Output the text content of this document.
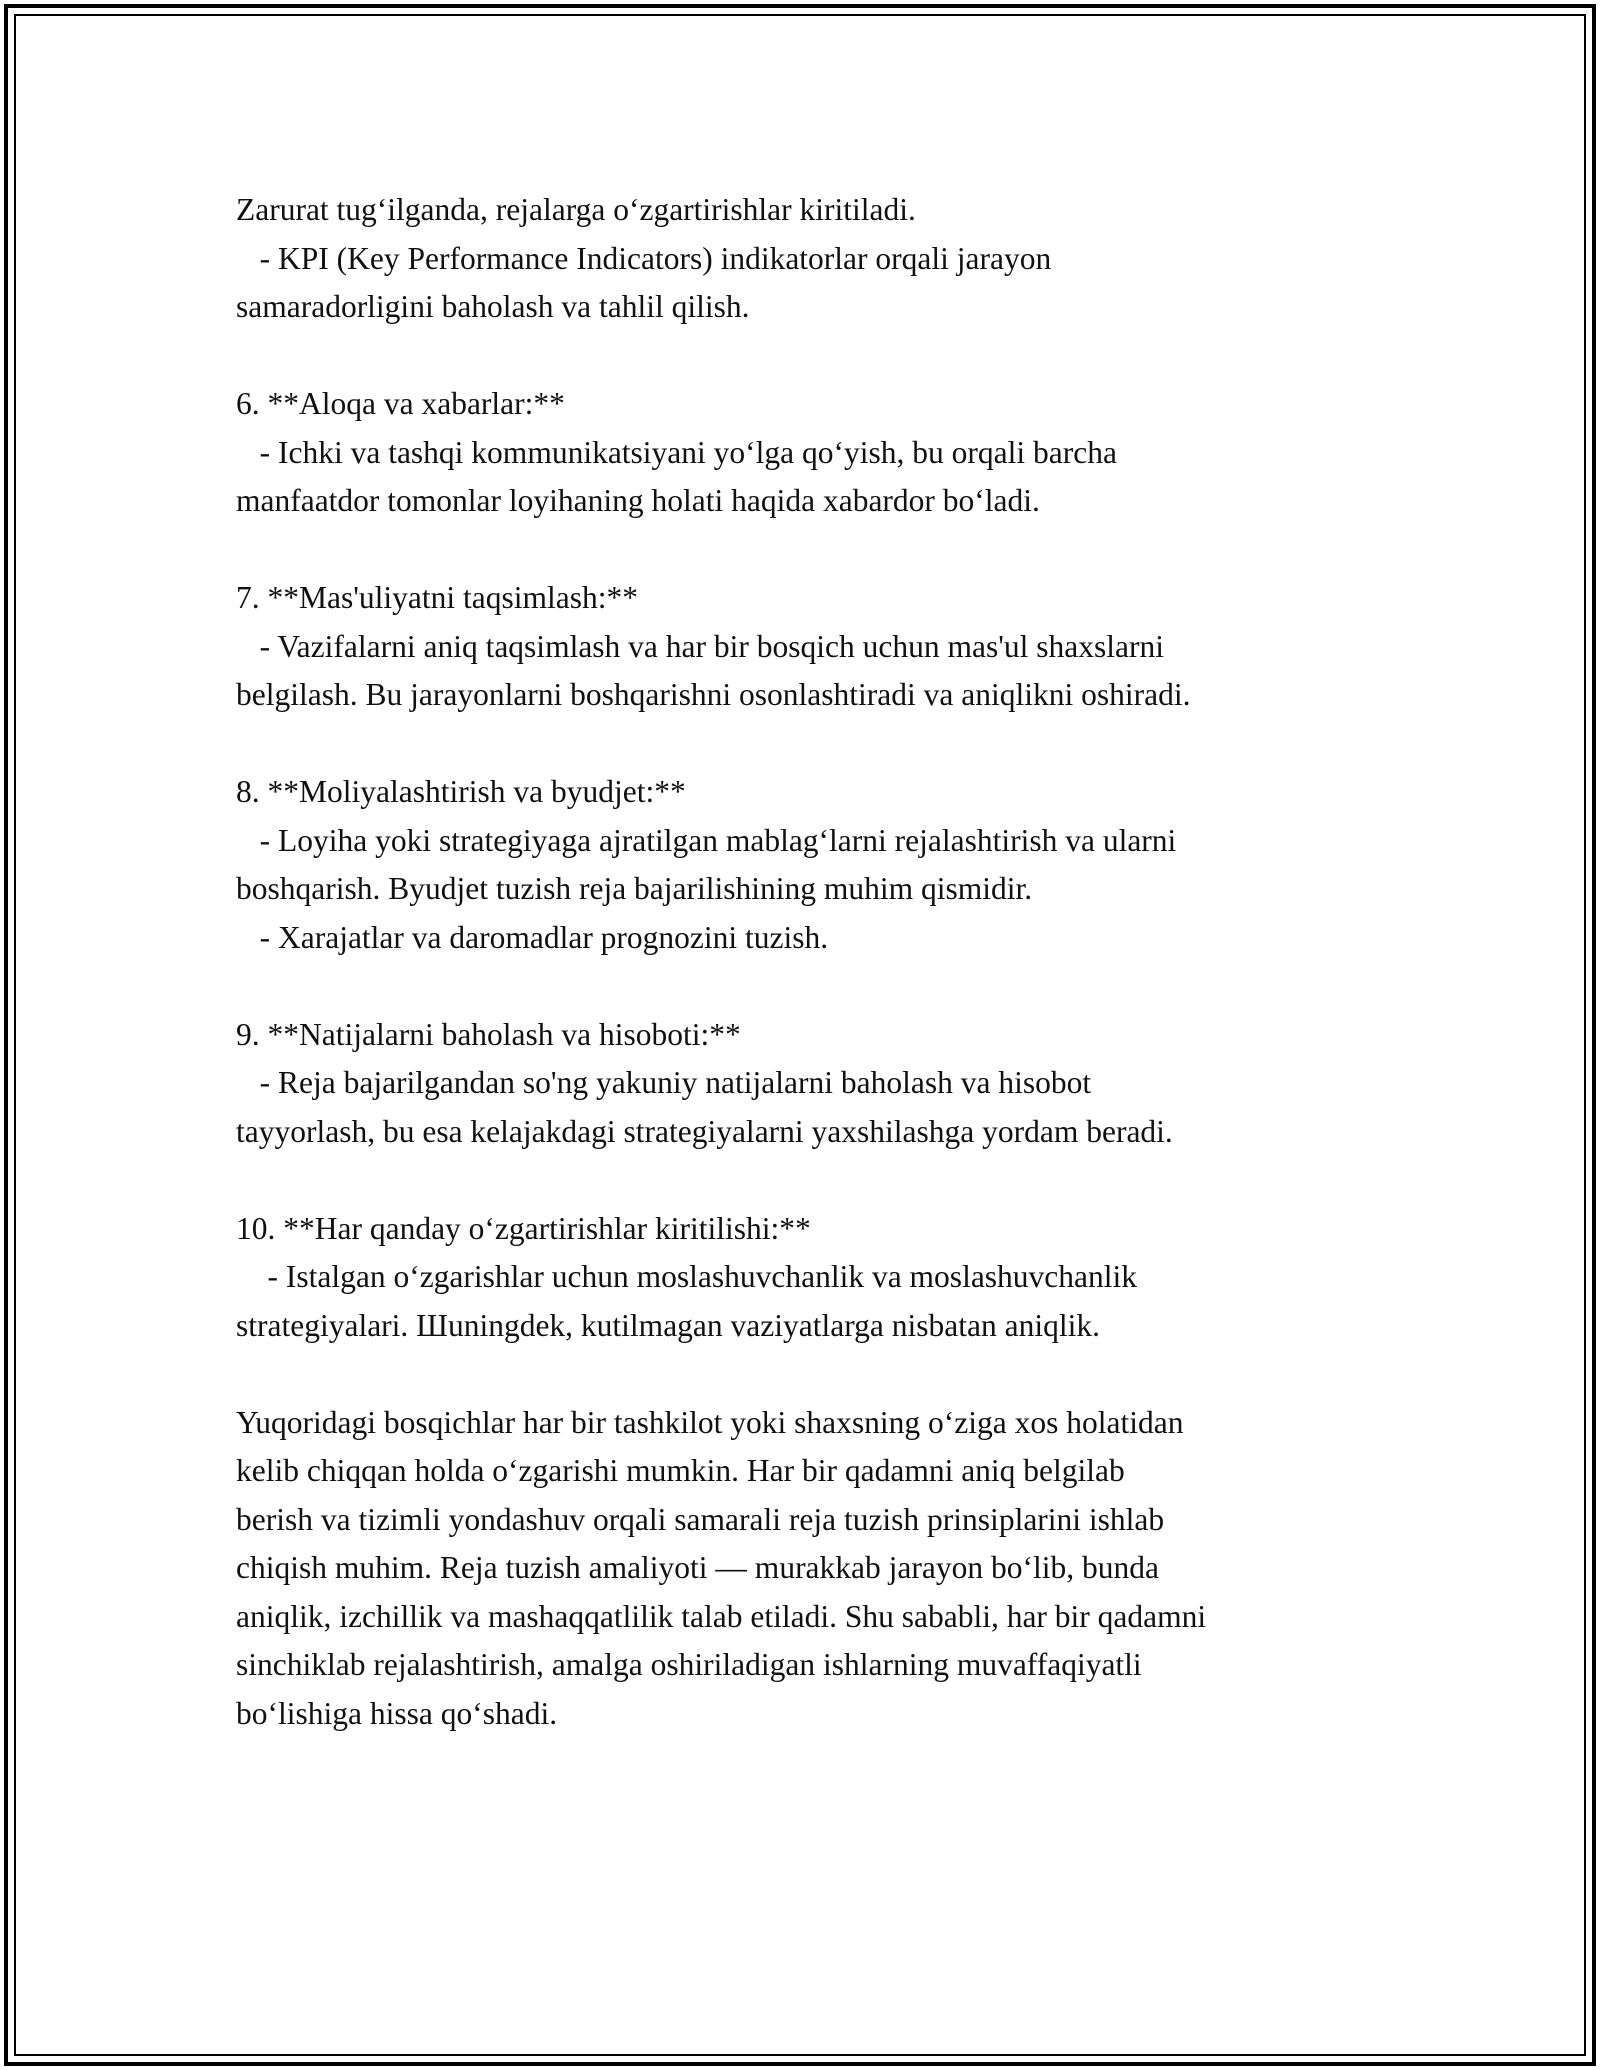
Zarurat tug‘ilganda, rejalarga o‘zgartirishlar kiritiladi.

- KPI (Key Performance Indicators) indikatorlar orqali jarayon

samaradorligini baholash va tahlil qilish.

6. **Aloqa va xabarlar:**

- Ichki va tashqi kommunikatsiyani yo‘lga qo‘yish, bu orqali barcha

manfaatdor tomonlar loyihaning holati haqida xabardor bo‘ladi.

7. **Mas'uliyatni taqsimlash:**

- Vazifalarni aniq taqsimlash va har bir bosqich uchun mas'ul shaxslarni

belgilash. Bu jarayonlarni boshqarishni osonlashtiradi va aniqlikni oshiradi.

8. **Moliyalashtirish va byudjet:**

- Loyiha yoki strategiyaga ajratilgan mablag‘larni rejalashtirish va ularni

boshqarish. Byudjet tuzish reja bajarilishining muhim qismidir.

- Xarajatlar va daromadlar prognozini tuzish.

9. **Natijalarni baholash va hisoboti:**

- Reja bajarilgandan so'ng yakuniy natijalarni baholash va hisobot

tayyorlash, bu esa kelajakdagi strategiyalarni yaxshilashga yordam beradi.

10. **Har qanday o‘zgartirishlar kiritilishi:**

- Istalgan o‘zgarishlar uchun moslashuvchanlik va moslashuvchanlik

strategiyalari. Шuningdek, kutilmagan vaziyatlarga nisbatan aniqlik.

Yuqoridagi bosqichlar har bir tashkilot yoki shaxsning o‘ziga xos holatidan

kelib chiqqan holda o‘zgarishi mumkin. Har bir qadamni aniq belgilab

berish va tizimli yondashuv orqali samarali reja tuzish prinsiplarini ishlab

chiqish muhim. Reja tuzish amaliyoti — murakkab jarayon bo‘lib, bunda

aniqlik, izchillik va mashaqqatlilik talab etiladi. Shu sababli, har bir qadamni

sinchiklab rejalashtirish, amalga oshiriladigan ishlarning muvaffaqiyatli

bo‘lishiga hissa qo‘shadi.
